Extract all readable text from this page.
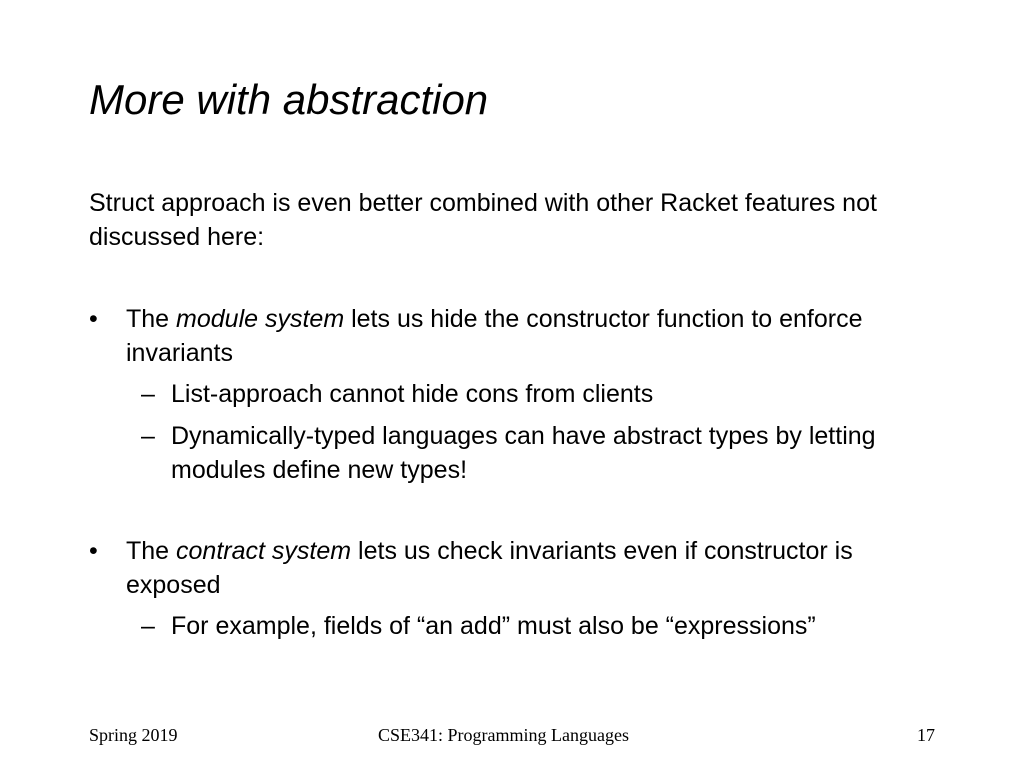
More with abstraction
Struct approach is even better combined with other Racket features not discussed here:
•	The module system lets us hide the constructor function to enforce invariants
– List-approach cannot hide cons from clients
– Dynamically-typed languages can have abstract types by letting modules define new types!
•	The contract system lets us check invariants even if constructor is exposed
– For example, fields of “an add” must also be “expressions”
Spring 2019	CSE341: Programming Languages	17
